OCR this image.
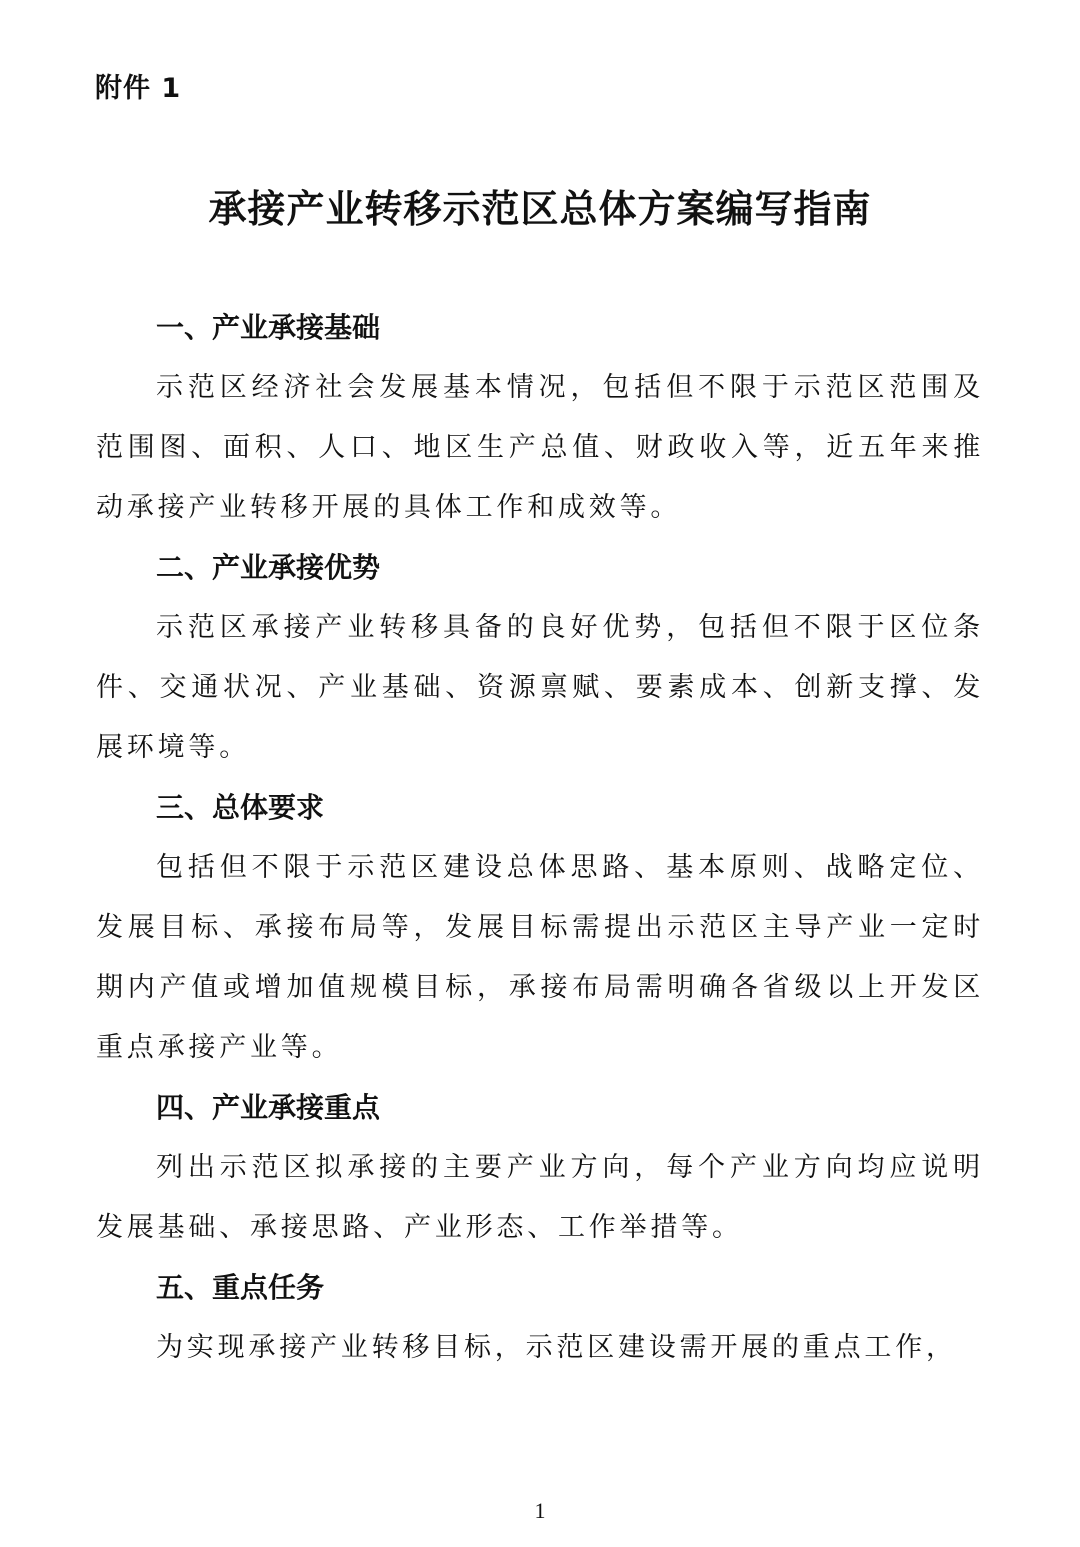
附件 1

承接产业转移示范区总体方案编写指南
一、产业承接基础

示范区经济社会发展基本情况，包括但不限于示范区范围及范围图、面积、人口、地区生产总值、财政收入等，近五年来推动承接产业转移开展的具体工作和成效等。

二、产业承接优势

示范区承接产业转移具备的良好优势，包括但不限于区位条件、交通状况、产业基础、资源禀赋、要素成本、创新支撑、发展环境等。

三、总体要求

包括但不限于示范区建设总体思路、基本原则、战略定位、发展目标、承接布局等，发展目标需提出示范区主导产业一定时期内产值或增加值规模目标，承接布局需明确各省级以上开发区重点承接产业等。

四、产业承接重点

列出示范区拟承接的主要产业方向，每个产业方向均应说明发展基础、承接思路、产业形态、工作举措等。

五、重点任务

为实现承接产业转移目标，示范区建设需开展的重点工作，

1
